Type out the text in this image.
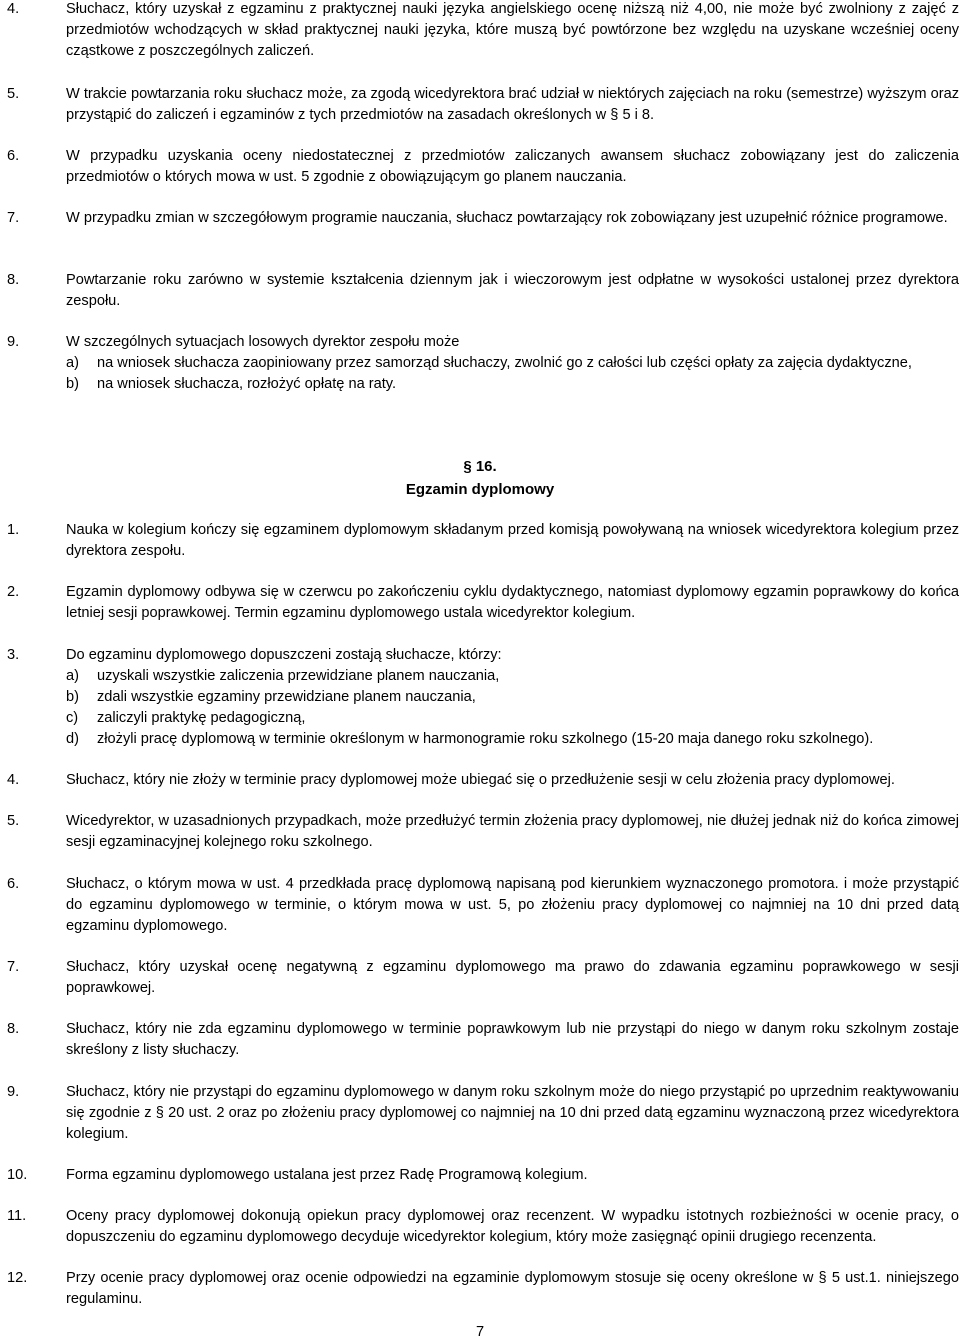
4.	Słuchacz, który uzyskał z egzaminu z praktycznej nauki języka angielskiego ocenę niższą niż 4,00, nie może być zwolniony z zajęć z przedmiotów wchodzących w skład praktycznej nauki języka, które muszą być powtórzone bez względu na uzyskane wcześniej oceny cząstkowe z poszczególnych zaliczeń.
5.	W trakcie powtarzania roku słuchacz może, za zgodą wicedyrektora brać udział w niektórych zajęciach na roku (semestrze) wyższym oraz przystąpić do zaliczeń i egzaminów z tych przedmiotów na zasadach określonych w § 5 i 8.
6.	W przypadku uzyskania oceny niedostatecznej z przedmiotów zaliczanych awansem słuchacz zobowiązany jest do zaliczenia przedmiotów o których mowa w ust. 5 zgodnie z obowiązującym go planem nauczania.
7.	W przypadku zmian w szczegółowym programie nauczania, słuchacz powtarzający rok zobowiązany jest uzupełnić różnice programowe.
8.	Powtarzanie roku zarówno w systemie kształcenia dziennym jak i wieczorowym jest odpłatne w wysokości ustalonej przez dyrektora zespołu.
9.	W szczególnych sytuacjach losowych dyrektor zespołu może
a)	na wniosek słuchacza zaopiniowany przez samorząd słuchaczy, zwolnić go z całości lub części opłaty za zajęcia dydaktyczne,
b)	na wniosek słuchacza, rozłożyć opłatę na raty.
§ 16.
Egzamin dyplomowy
1.	Nauka w kolegium kończy się egzaminem dyplomowym składanym przed komisją powoływaną na wniosek wicedyrektora kolegium przez dyrektora zespołu.
2.	Egzamin dyplomowy odbywa się w czerwcu po zakończeniu cyklu dydaktycznego, natomiast dyplomowy egzamin poprawkowy do końca letniej sesji poprawkowej. Termin egzaminu dyplomowego ustala wicedyrektor kolegium.
3.	Do egzaminu dyplomowego dopuszczeni zostają słuchacze, którzy:
a)	uzyskali wszystkie zaliczenia przewidziane planem nauczania,
b)	zdali wszystkie egzaminy przewidziane planem nauczania,
c)	zaliczyli praktykę pedagogiczną,
d)	złożyli pracę dyplomową w terminie określonym w harmonogramie roku szkolnego (15-20 maja danego roku szkolnego).
4.	Słuchacz, który nie złoży w terminie pracy dyplomowej może ubiegać się o przedłużenie sesji w celu złożenia pracy dyplomowej.
5.	Wicedyrektor, w uzasadnionych przypadkach, może przedłużyć termin złożenia pracy dyplomowej, nie dłużej jednak niż do końca zimowej sesji egzaminacyjnej kolejnego roku szkolnego.
6.	Słuchacz, o którym mowa w ust. 4 przedkłada pracę dyplomową napisaną pod kierunkiem wyznaczonego promotora. i może przystąpić do egzaminu dyplomowego w terminie, o którym mowa w ust. 5, po złożeniu pracy dyplomowej co najmniej na 10 dni przed datą egzaminu dyplomowego.
7.	Słuchacz, który uzyskał ocenę negatywną z egzaminu dyplomowego ma prawo do zdawania egzaminu poprawkowego w sesji poprawkowej.
8.	Słuchacz, który nie zda egzaminu dyplomowego w terminie poprawkowym lub nie przystąpi do niego w danym roku szkolnym zostaje skreślony z listy słuchaczy.
9.	Słuchacz, który nie przystąpi do egzaminu dyplomowego w danym roku szkolnym może do niego przystąpić po uprzednim reaktywowaniu się zgodnie z § 20 ust. 2 oraz po złożeniu pracy dyplomowej co najmniej na 10 dni przed datą egzaminu wyznaczoną przez wicedyrektora kolegium.
10.	Forma egzaminu dyplomowego ustalana jest przez Radę Programową kolegium.
11.	Oceny pracy dyplomowej dokonują opiekun pracy dyplomowej oraz recenzent. W wypadku istotnych rozbieżności w ocenie pracy, o dopuszczeniu do egzaminu dyplomowego decyduje wicedyrektor kolegium, który może zasięgnąć opinii drugiego recenzenta.
12.	Przy ocenie pracy dyplomowej oraz ocenie odpowiedzi na egzaminie dyplomowym stosuje się oceny określone w § 5 ust.1. niniejszego regulaminu.
7
